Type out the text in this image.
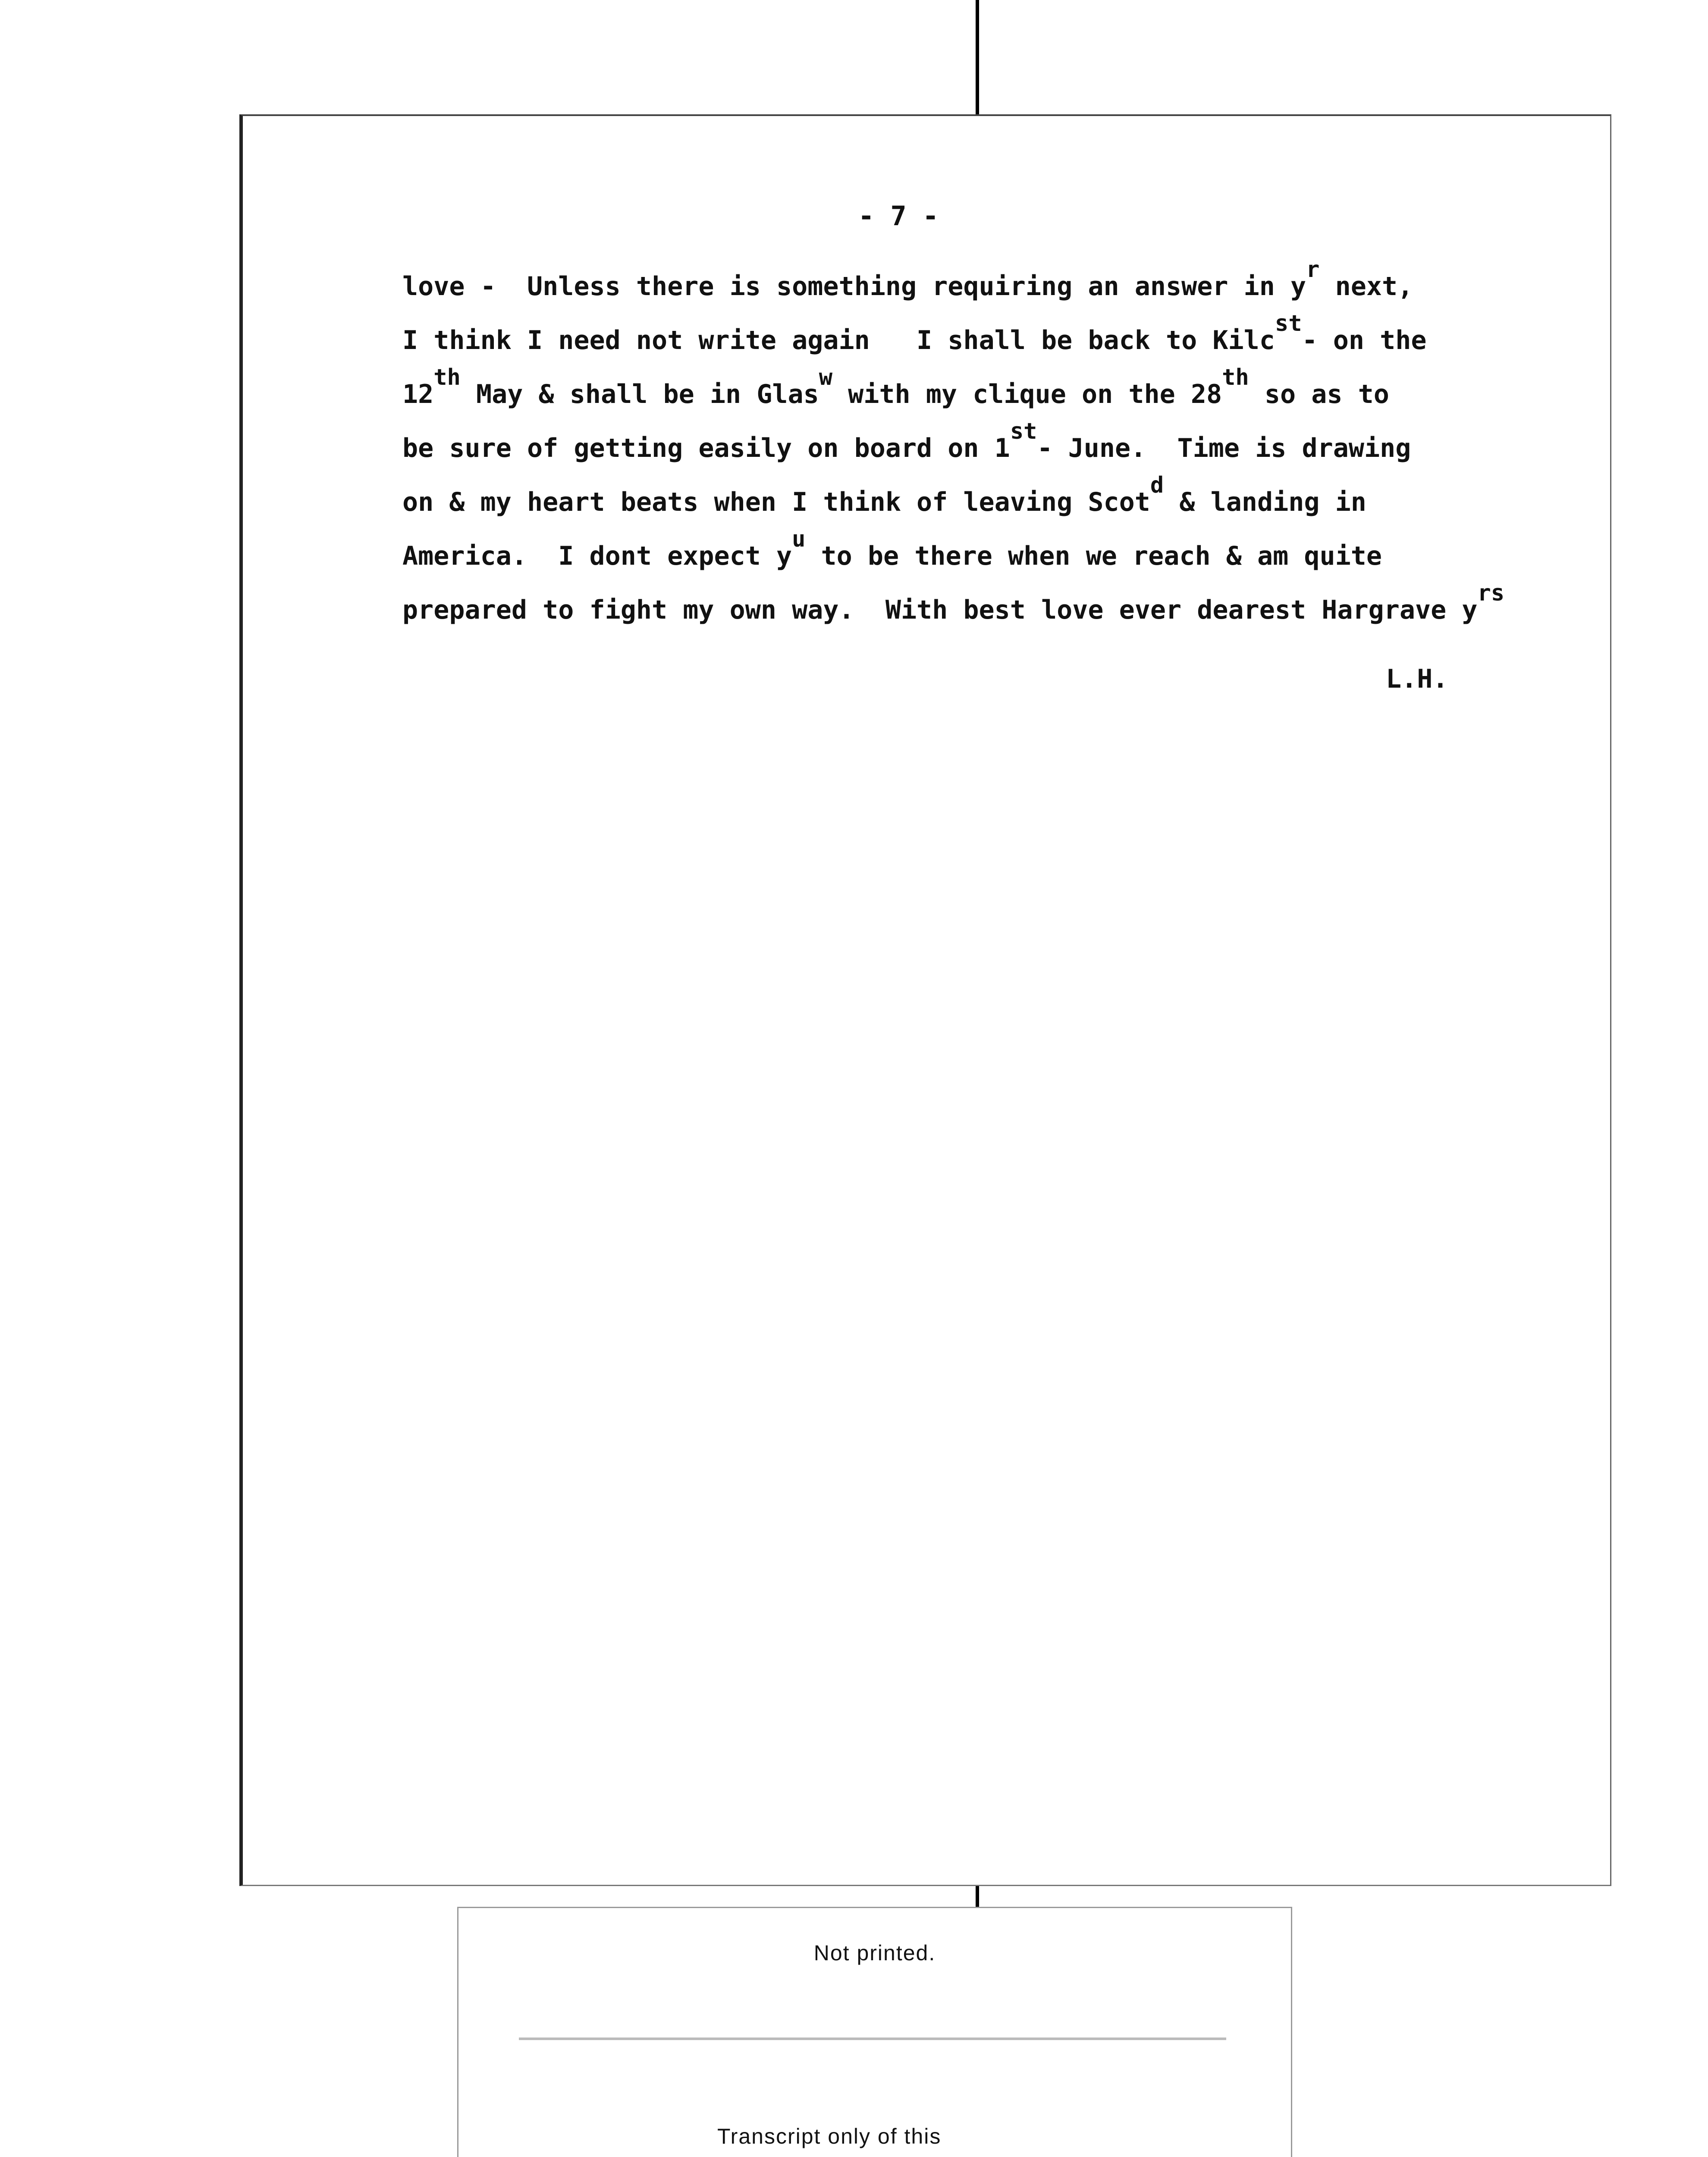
- 7 -
love -  Unless there is something requiring an answer in yr next,
I think I need not write again   I shall be back to Kilcst- on the
12th May & shall be in Glasw with my clique on the 28th so as to
be sure of getting easily on board on 1st- June.  Time is drawing
on & my heart beats when I think of leaving Scotd & landing in
America.  I dont expect yu to be there when we reach & am quite
prepared to fight my own way.  With best love ever dearest Hargrave yrs
L.H.
Not printed.
Transcript only of this
